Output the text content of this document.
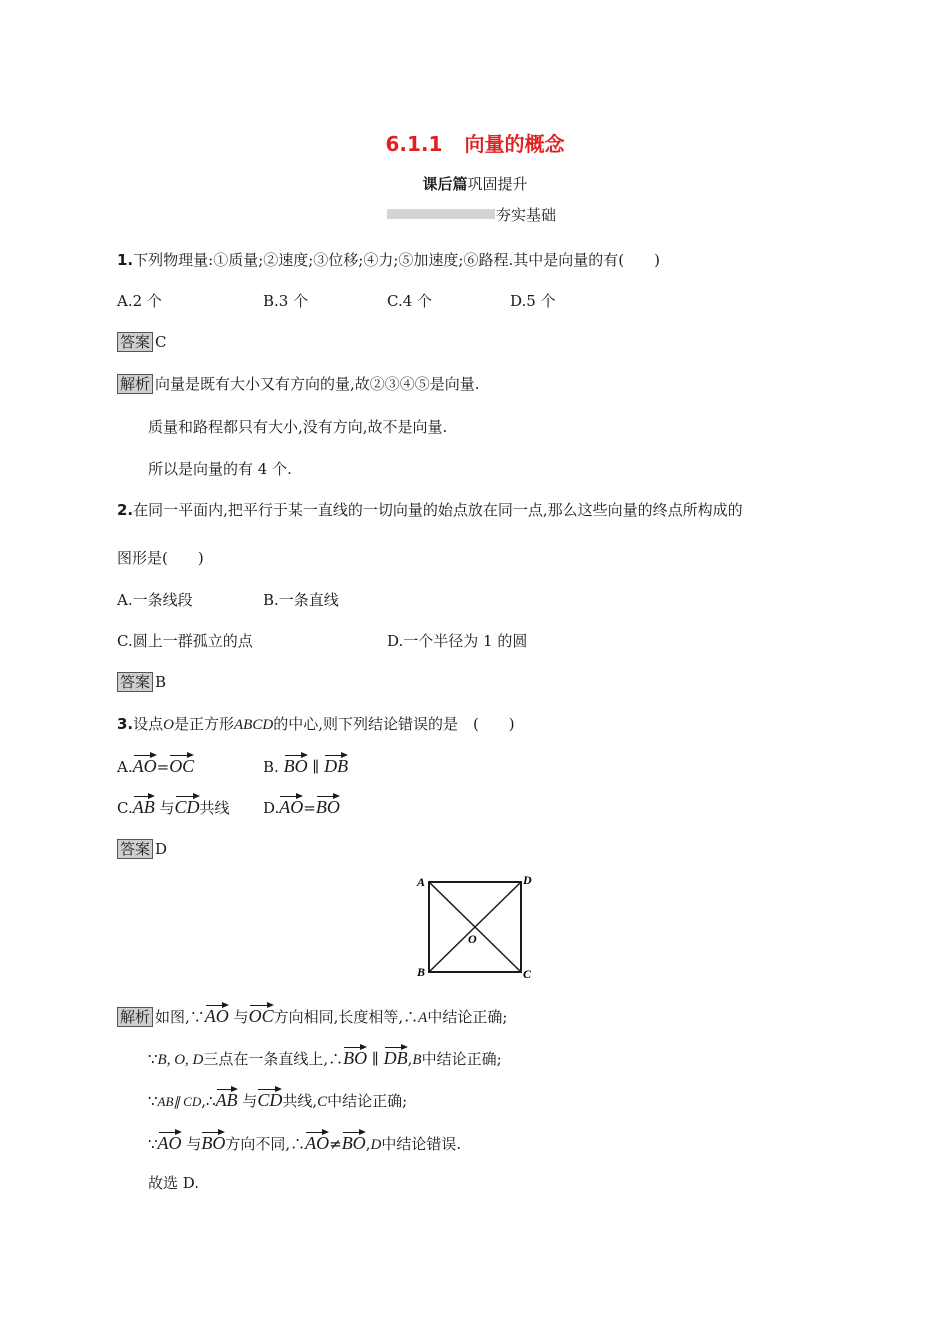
6.1.1 向量的概念
课后篇巩固提升
夯实基础
1.下列物理量:①质量;②速度;③位移;④力;⑤加速度;⑥路程.其中是向量的有(　　)
A.2 个	B.3 个	C.4 个	D.5 个
答案 C
解析 向量是既有大小又有方向的量,故②③④⑤是向量.
质量和路程都只有大小,没有方向,故不是向量.
所以是向量的有 4 个.
2.在同一平面内,把平行于某一直线的一切向量的始点放在同一点,那么这些向量的终点所构成的
图形是(　　)
A.一条线段	B.一条直线
C.圆上一群孤立的点	D.一个半径为 1 的圆
答案 B
3.设点O是正方形ABCD的中心,则下列结论错误的是　(　　)
A.AO=OC	B. BO ∥ DB
C.AB 与CD共线 D.AO=BO
答案 D
A	D
B	C
O
解析 如图,∵AO 与OC方向相同,长度相等,∴A中结论正确;
∵B, O, D三点在一条直线上,∴BO ∥ DB,B中结论正确;
∵AB∥ CD,∴AB 与CD共线,C中结论正确;
∵AO 与BO方向不同,∴AO≠BO,D中结论错误.
故选 D.
